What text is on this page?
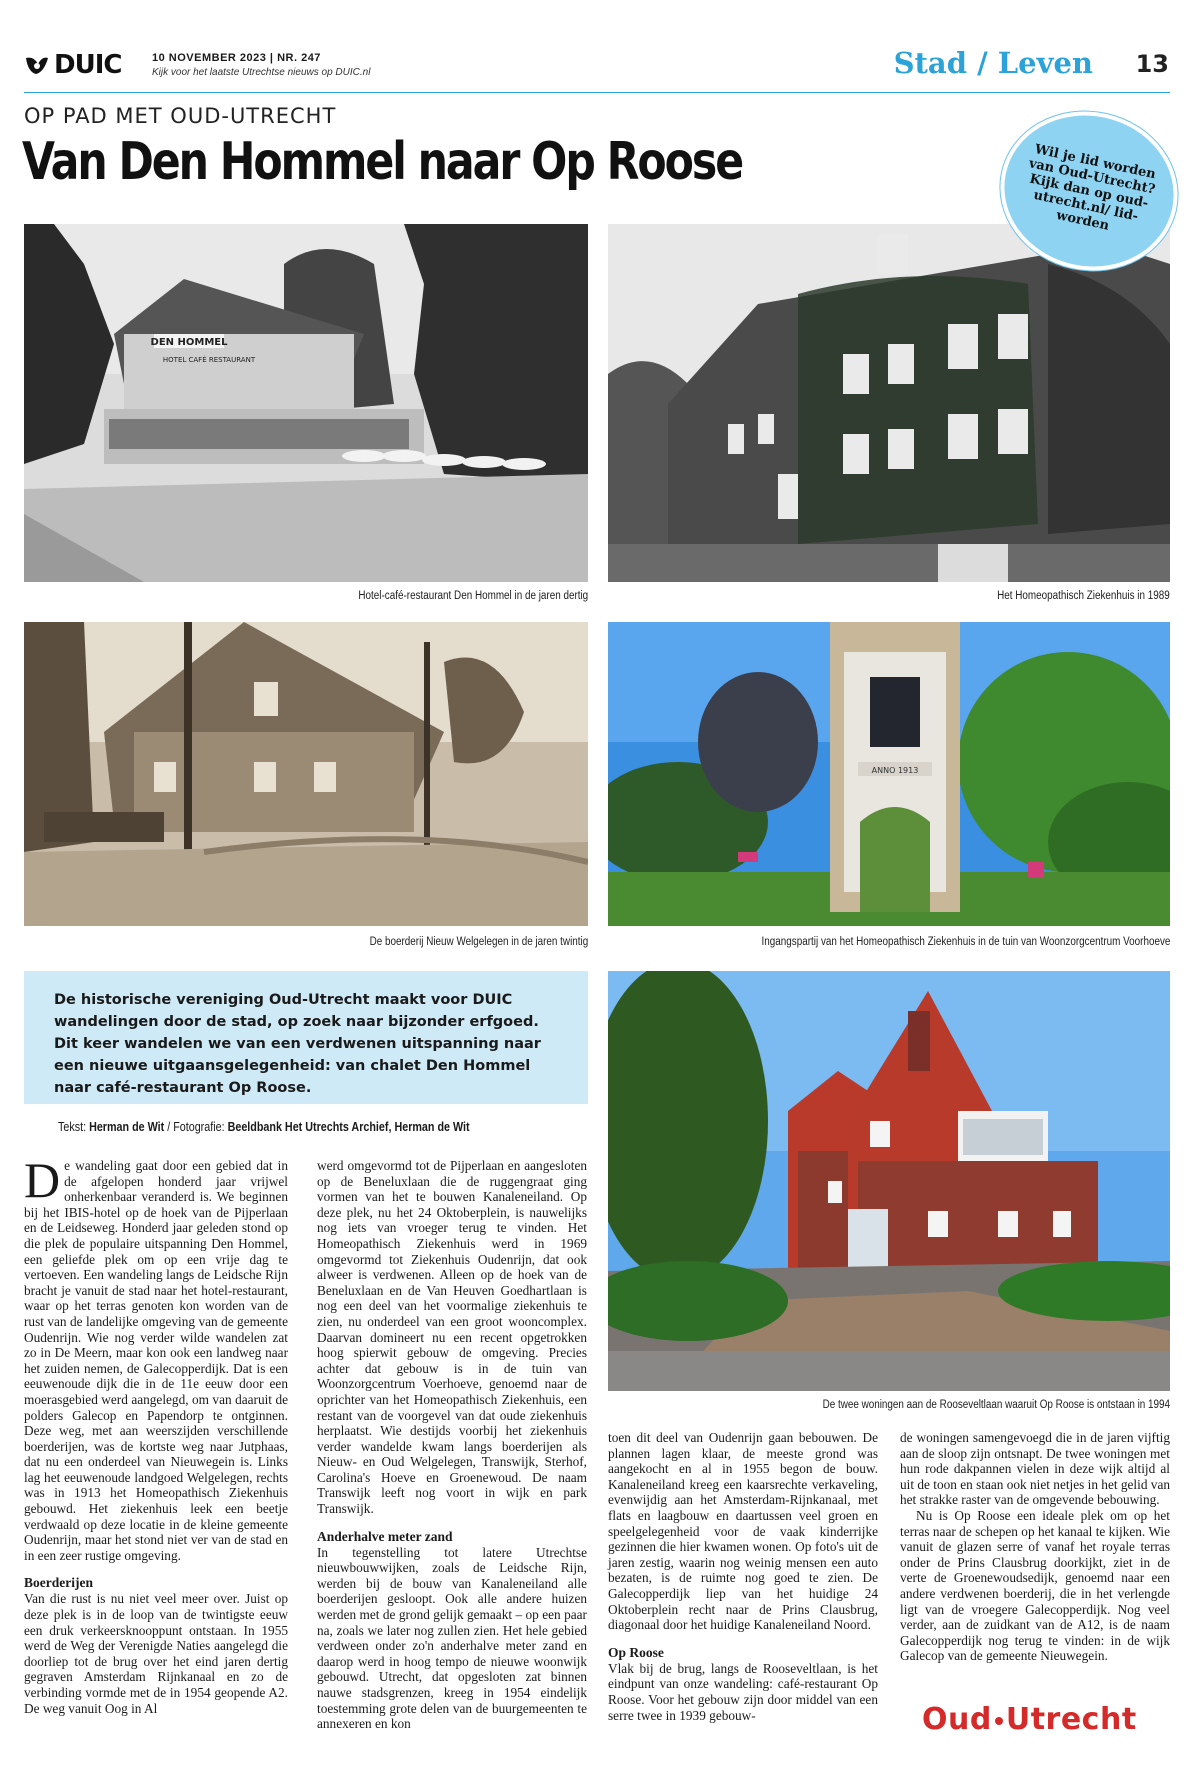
DUIC	10 NOVEMBER 2023 | NR. 247
Kijk voor het laatste Utrechtse nieuws op DUIC.nl	Stad / Leven 13
OP PAD MET OUD-UTRECHT
Van Den Hommel naar Op Roose
DEN HOMMEL
HOTEL CAFÉ RESTAURANT
Hotel-café-restaurant Den Hommel in de jaren dertig	Het Homeopathisch Ziekenhuis in 1989
Wil je lid worden van Oud-Utrecht? Kijk dan op oud-utrecht.nl/ lid-worden
De boerderij Nieuw Welgelegen in de jaren twintig
ANNO 1913
Ingangspartij van het Homeopathisch Ziekenhuis in de tuin van Woonzorgcentrum Voorhoeve
De historische vereniging Oud-Utrecht maakt voor DUIC wandelingen door de stad, op zoek naar bijzonder erfgoed. Dit keer wandelen we van een verdwenen uitspanning naar een nieuwe uitgaansgelegenheid: van chalet Den Hommel naar café-restaurant Op Roose.
Tekst: Herman de Wit / Fotografie: Beeldbank Het Utrechts Archief, Herman de Wit
De twee woningen aan de Rooseveltlaan waaruit Op Roose is ontstaan in 1994

De wandeling gaat door een gebied dat in de afgelopen honderd jaar vrijwel onherkenbaar veranderd is. We beginnen bij het IBIS-hotel op de hoek van de Pijperlaan en de Leidseweg. Honderd jaar geleden stond op die plek de populaire uitspanning Den Hommel, een geliefde plek om op een vrije dag te vertoeven. Een wandeling langs de Leidsche Rijn bracht je vanuit de stad naar het hotel-restaurant, waar op het terras genoten kon worden van de rust van de landelijke omgeving van de gemeente Oudenrijn. Wie nog verder wilde wandelen zat zo in De Meern, maar kon ook een landweg naar het zuiden nemen, de Galecopperdijk. Dat is een eeuwenoude dijk die in de 11e eeuw door een moerasgebied werd aangelegd, om van daaruit de polders Galecop en Papendorp te ontginnen. Deze weg, met aan weerszijden verschillende boerderijen, was de kortste weg naar Jutphaas, dat nu een onderdeel van Nieuwegein is. Links lag het eeuwenoude landgoed Welgelegen, rechts was in 1913 het Homeopathisch Ziekenhuis gebouwd. Het ziekenhuis leek een beetje verdwaald op deze locatie in de kleine gemeente Oudenrijn, maar het stond niet ver van de stad en in een zeer rustige omgeving.

Boerderijen

Van die rust is nu niet veel meer over. Juist op deze plek is in de loop van de twintigste eeuw een druk verkeersknooppunt ontstaan. In 1955 werd de Weg der Verenigde Naties aangelegd die doorliep tot de brug over het eind jaren dertig gegraven Amsterdam Rijnkanaal en zo de verbinding vormde met de in 1954 geopende A2. De weg vanuit Oog in Al

werd omgevormd tot de Pijperlaan en aangesloten op de Beneluxlaan die de ruggengraat ging vormen van het te bouwen Kanaleneiland. Op deze plek, nu het 24 Oktoberplein, is nauwelijks nog iets van vroeger terug te vinden. Het Homeopathisch Ziekenhuis werd in 1969 omgevormd tot Ziekenhuis Oudenrijn, dat ook alweer is verdwenen. Alleen op de hoek van de Beneluxlaan en de Van Heuven Goedhartlaan is nog een deel van het voormalige ziekenhuis te zien, nu onderdeel van een groot wooncomplex. Daarvan domineert nu een recent opgetrokken hoog spierwit gebouw de omgeving. Precies achter dat gebouw is in de tuin van Woonzorgcentrum Voerhoeve, genoemd naar de oprichter van het Homeopathisch Ziekenhuis, een restant van de voorgevel van dat oude ziekenhuis herplaatst. Wie destijds voorbij het ziekenhuis verder wandelde kwam langs boerderijen als Nieuw- en Oud Welgelegen, Transwijk, Sterhof, Carolina's Hoeve en Groenewoud. De naam Transwijk leeft nog voort in wijk en park Transwijk.

Anderhalve meter zand

In tegenstelling tot latere Utrechtse nieuwbouwwijken, zoals de Leidsche Rijn, werden bij de bouw van Kanaleneiland alle boerderijen gesloopt. Ook alle andere huizen werden met de grond gelijk gemaakt – op een paar na, zoals we later nog zullen zien. Het hele gebied verdween onder zo'n anderhalve meter zand en daarop werd in hoog tempo de nieuwe woonwijk gebouwd. Utrecht, dat opgesloten zat binnen nauwe stadsgrenzen, kreeg in 1954 eindelijk toestemming grote delen van de buurgemeenten te annexeren en kon

toen dit deel van Oudenrijn gaan bebouwen. De plannen lagen klaar, de meeste grond was aangekocht en al in 1955 begon de bouw. Kanaleneiland kreeg een kaarsrechte verkaveling, evenwijdig aan het Amsterdam-Rijnkanaal, met flats en laagbouw en daartussen veel groen en speelgelegenheid voor de vaak kinderrijke gezinnen die hier kwamen wonen. Op foto's uit de jaren zestig, waarin nog weinig mensen een auto bezaten, is de ruimte nog goed te zien. De Galecopperdijk liep van het huidige 24 Oktoberplein recht naar de Prins Clausbrug, diagonaal door het huidige Kanaleneiland Noord.

Op Roose

Vlak bij de brug, langs de Rooseveltlaan, is het eindpunt van onze wandeling: café-restaurant Op Roose. Voor het gebouw zijn door middel van een serre twee in 1939 gebouw-

de woningen samengevoegd die in de jaren vijftig aan de sloop zijn ontsnapt. De twee woningen met hun rode dakpannen vielen in deze wijk altijd al uit de toon en staan ook niet netjes in het gelid van het strakke raster van de omgevende bebouwing.

Nu is Op Roose een ideale plek om op het terras naar de schepen op het kanaal te kijken. Wie vanuit de glazen serre of vanaf het royale terras onder de Prins Clausbrug doorkijkt, ziet in de verte de Groenewoudsedijk, genoemd naar een andere verdwenen boerderij, die in het verlengde ligt van de vroegere Galecopperdijk. Nog veel verder, aan de zuidkant van de A12, is de naam Galecopperdijk nog terug te vinden: in de wijk Galecop van de gemeente Nieuwegein.

Oud Utrecht
